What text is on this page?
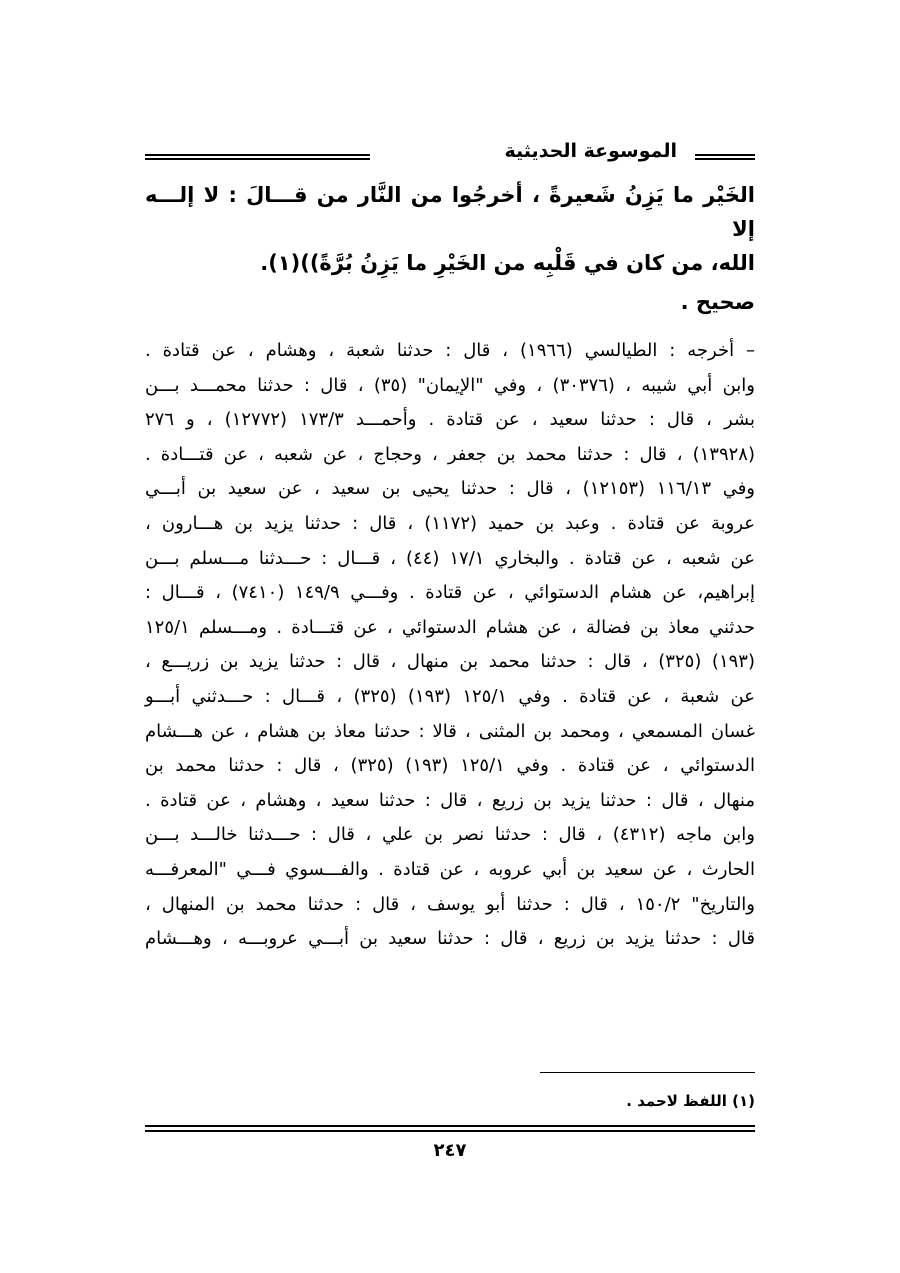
الموسوعة الحديثية

الخَيْر ما يَزِنُ شَعيرةً ، أخرجُوا من النَّار من قـــالَ : لا إلـــه إلا

الله، من كان في قَلْبِه من الخَيْرِ ما يَزِنُ بُرَّةً))(١).

صحيح .

– أخرجه : الطيالسي (١٩٦٦) ، قال : حدثنا شعبة ، وهشام ، عن قتادة .

وابن أبي شيبه ، (٣٠٣٧٦) ، وفي "الإيمان" (٣٥) ، قال : حدثنا محمـــد بـــن

بشر ، قال : حدثنا سعيد ، عن قتادة . وأحمـــد ١٧٣/٣ (١٢٧٧٢) ، و ٢٧٦

(١٣٩٢٨) ، قال : حدثنا محمد بن جعفر ، وحجاج ، عن شعبه ، عن قتـــادة .

وفي ١١٦/١٣ (١٢١٥٣) ، قال : حدثنا يحيى بن سعيد ، عن سعيد بن أبـــي

عروبة عن قتادة . وعبد بن حميد (١١٧٢) ، قال : حدثنا يزيد بن هـــارون ،

عن شعبه ، عن قتادة . والبخاري ١٧/١ (٤٤) ، قـــال : حـــدثنا مـــسلم بـــن

إبراهيم، عن هشام الدستوائي ، عن قتادة . وفـــي ١٤٩/٩ (٧٤١٠) ، قـــال :

حدثني معاذ بن فضالة ، عن هشام الدستوائي ، عن قتـــادة . ومـــسلم ١٢٥/١

(١٩٣) (٣٢٥) ، قال : حدثنا محمد بن منهال ، قال : حدثنا يزيد بن زريـــع ،

عن شعبة ، عن قتادة . وفي ١٢٥/١ (١٩٣) (٣٢٥) ، قـــال : حـــدثني أبـــو

غسان المسمعي ، ومحمد بن المثنى ، قالا : حدثنا معاذ بن هشام ، عن هـــشام

الدستوائي ، عن قتادة . وفي ١٢٥/١ (١٩٣) (٣٢٥) ، قال : حدثنا محمد بن

منهال ، قال : حدثنا يزيد بن زريع ، قال : حدثنا سعيد ، وهشام ، عن قتادة .

وابن ماجه (٤٣١٢) ، قال : حدثنا نصر بن علي ، قال : حـــدثنا خالـــد بـــن

الحارث ، عن سعيد بن أبي عروبه ، عن قتادة . والفـــسوي فـــي "المعرفـــه

والتاريخ" ١٥٠/٢ ، قال : حدثنا أبو يوسف ، قال : حدثنا محمد بن المنهال ،

قال : حدثنا يزيد بن زريع ، قال : حدثنا سعيد بن أبـــي عروبـــه ، وهـــشام

(١) اللفظ لاحمد .
٢٤٧
